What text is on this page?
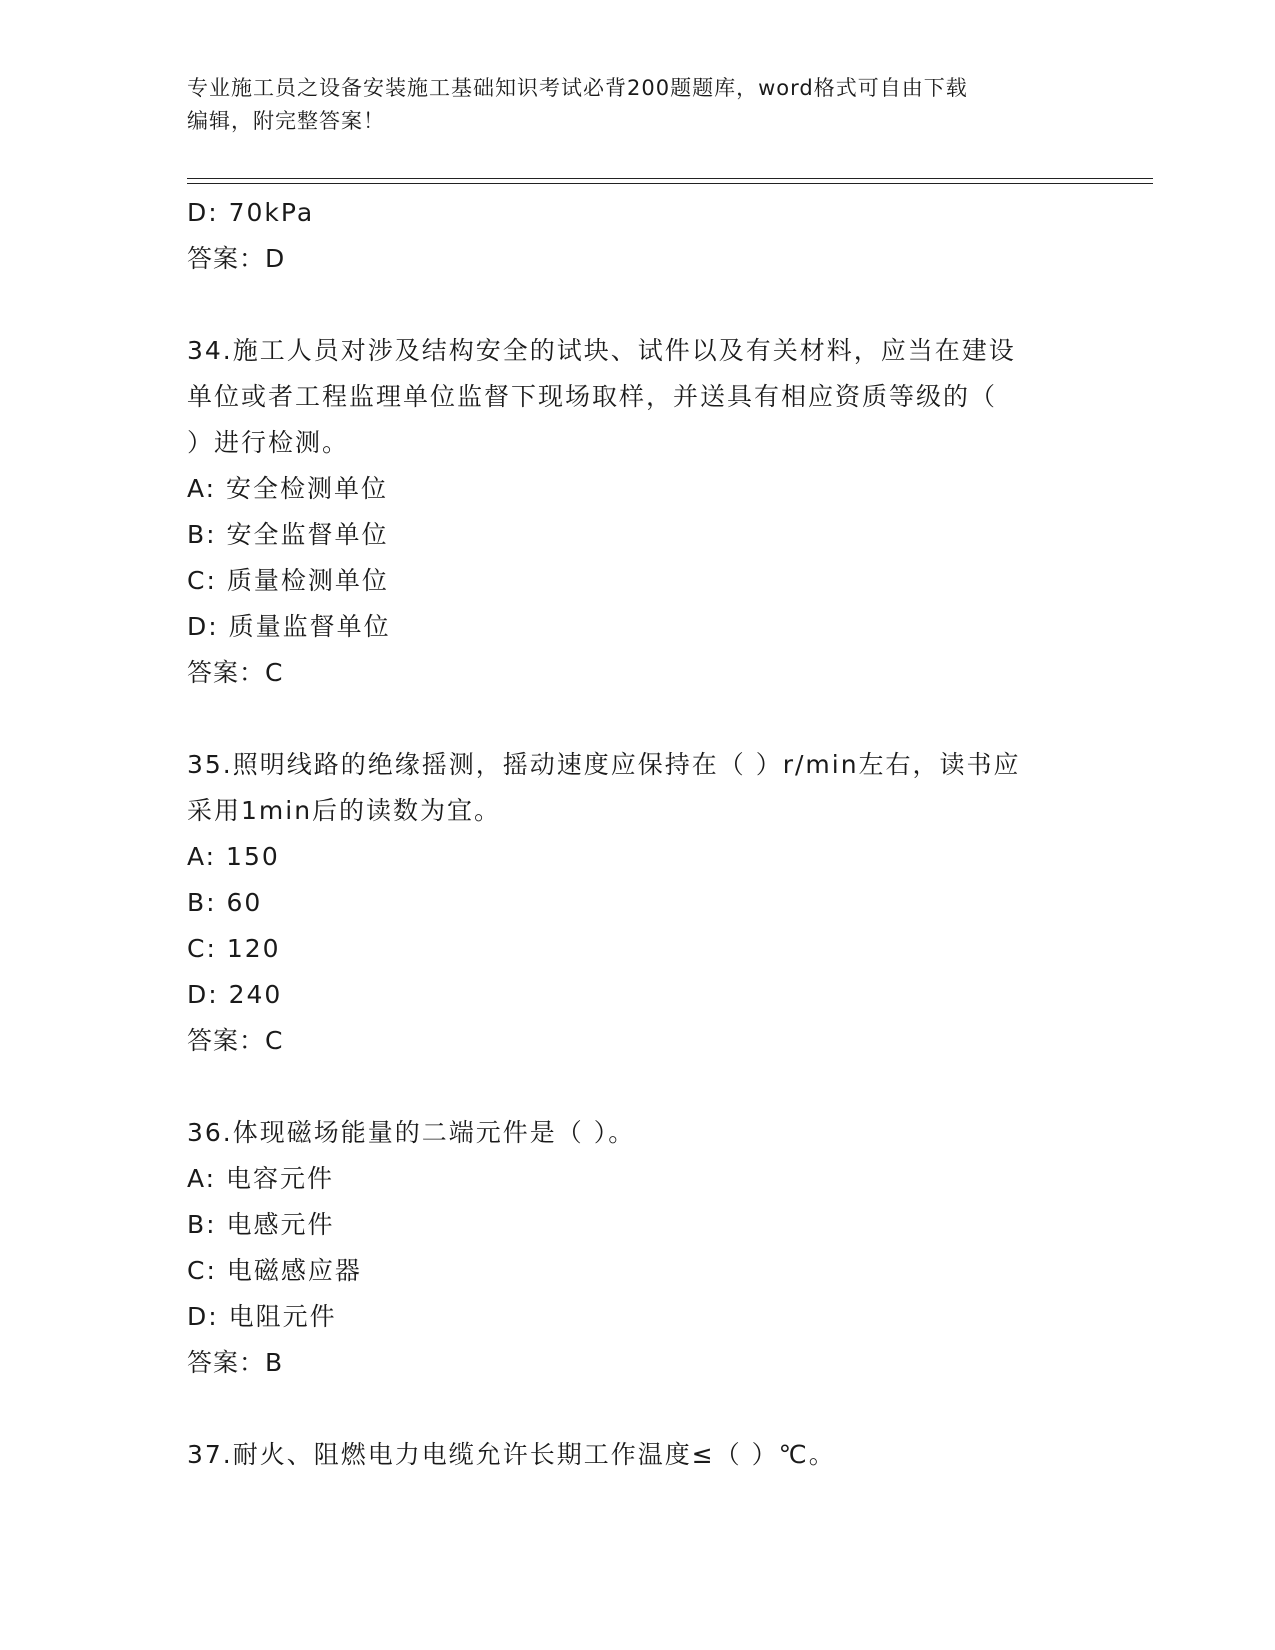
专业施工员之设备安装施工基础知识考试必背200题题库，word格式可自由下载
编辑，附完整答案！
D: 70kPa
答案：D
34.施工人员对涉及结构安全的试块、试件以及有关材料，应当在建设
单位或者工程监理单位监督下现场取样，并送具有相应资质等级的（
）进行检测。
A: 安全检测单位
B: 安全监督单位
C: 质量检测单位
D: 质量监督单位
答案：C
35.照明线路的绝缘摇测，摇动速度应保持在（ ）r/min左右，读书应
采用1min后的读数为宜。
A: 150
B: 60
C: 120
D: 240
答案：C
36.体现磁场能量的二端元件是（ ）。
A: 电容元件
B: 电感元件
C: 电磁感应器
D: 电阻元件
答案：B
37.耐火、阻燃电力电缆允许长期工作温度≤（ ）℃。
